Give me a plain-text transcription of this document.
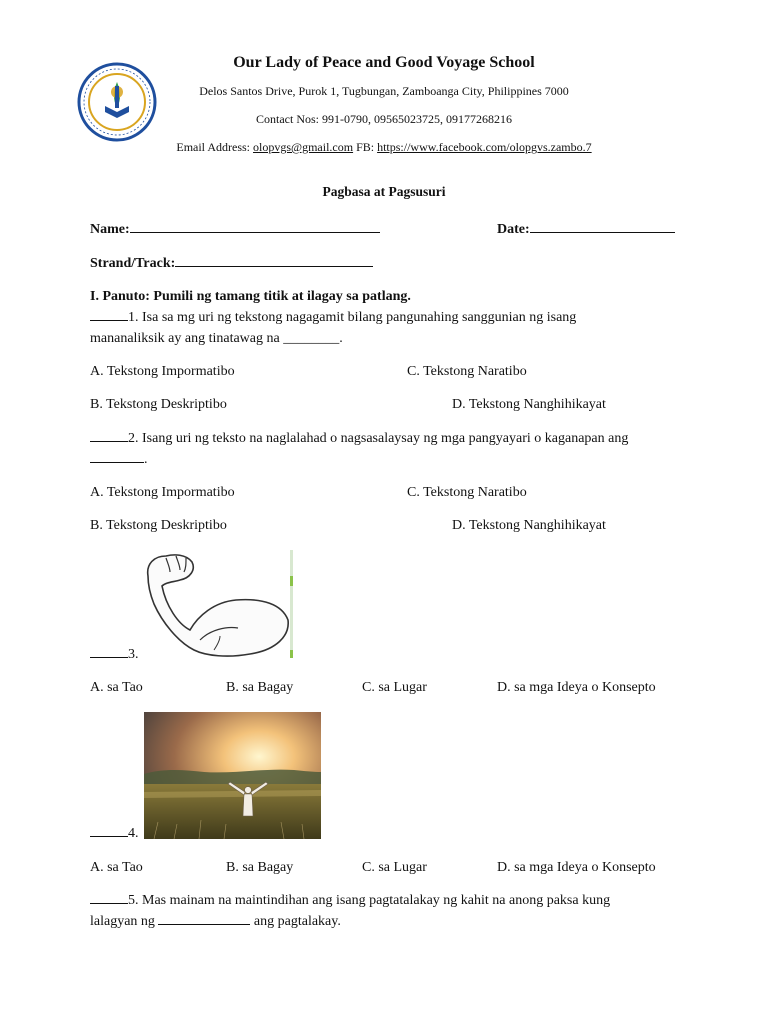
Our Lady of Peace and Good Voyage School
Delos Santos Drive, Purok 1, Tugbungan, Zamboanga City, Philippines 7000
Contact Nos: 991-0790, 09565023725, 09177268216
Email Address: olopvgs@gmail.com FB: https://www.facebook.com/olopgvs.zambo.7
Pagbasa at Pagsusuri
Name:	Date:
Strand/Track:
I. Panuto: Pumili ng tamang titik at ilagay sa patlang.
1. Isa sa mg uri ng tekstong nagagamit bilang pangunahing sanggunian ng isang
mananaliksik ay ang tinatawag na ________.
A. Tekstong Impormatibo	C. Tekstong Naratibo
B. Tekstong Deskriptibo	D. Tekstong Nanghihikayat
2. Isang uri ng teksto na naglalahad o nagsasalaysay ng mga pangyayari o kaganapan ang
.
A. Tekstong Impormatibo	C. Tekstong Naratibo
B. Tekstong Deskriptibo	D. Tekstong Nanghihikayat
3.
A. sa Tao	B. sa Bagay	C. sa Lugar	D. sa mga Ideya o Konsepto
4.
A. sa Tao	B. sa Bagay	C. sa Lugar	D. sa mga Ideya o Konsepto
5. Mas mainam na maintindihan ang isang pagtatalakay ng kahit na anong paksa kung
lalagyan ng	ang pagtalakay.
